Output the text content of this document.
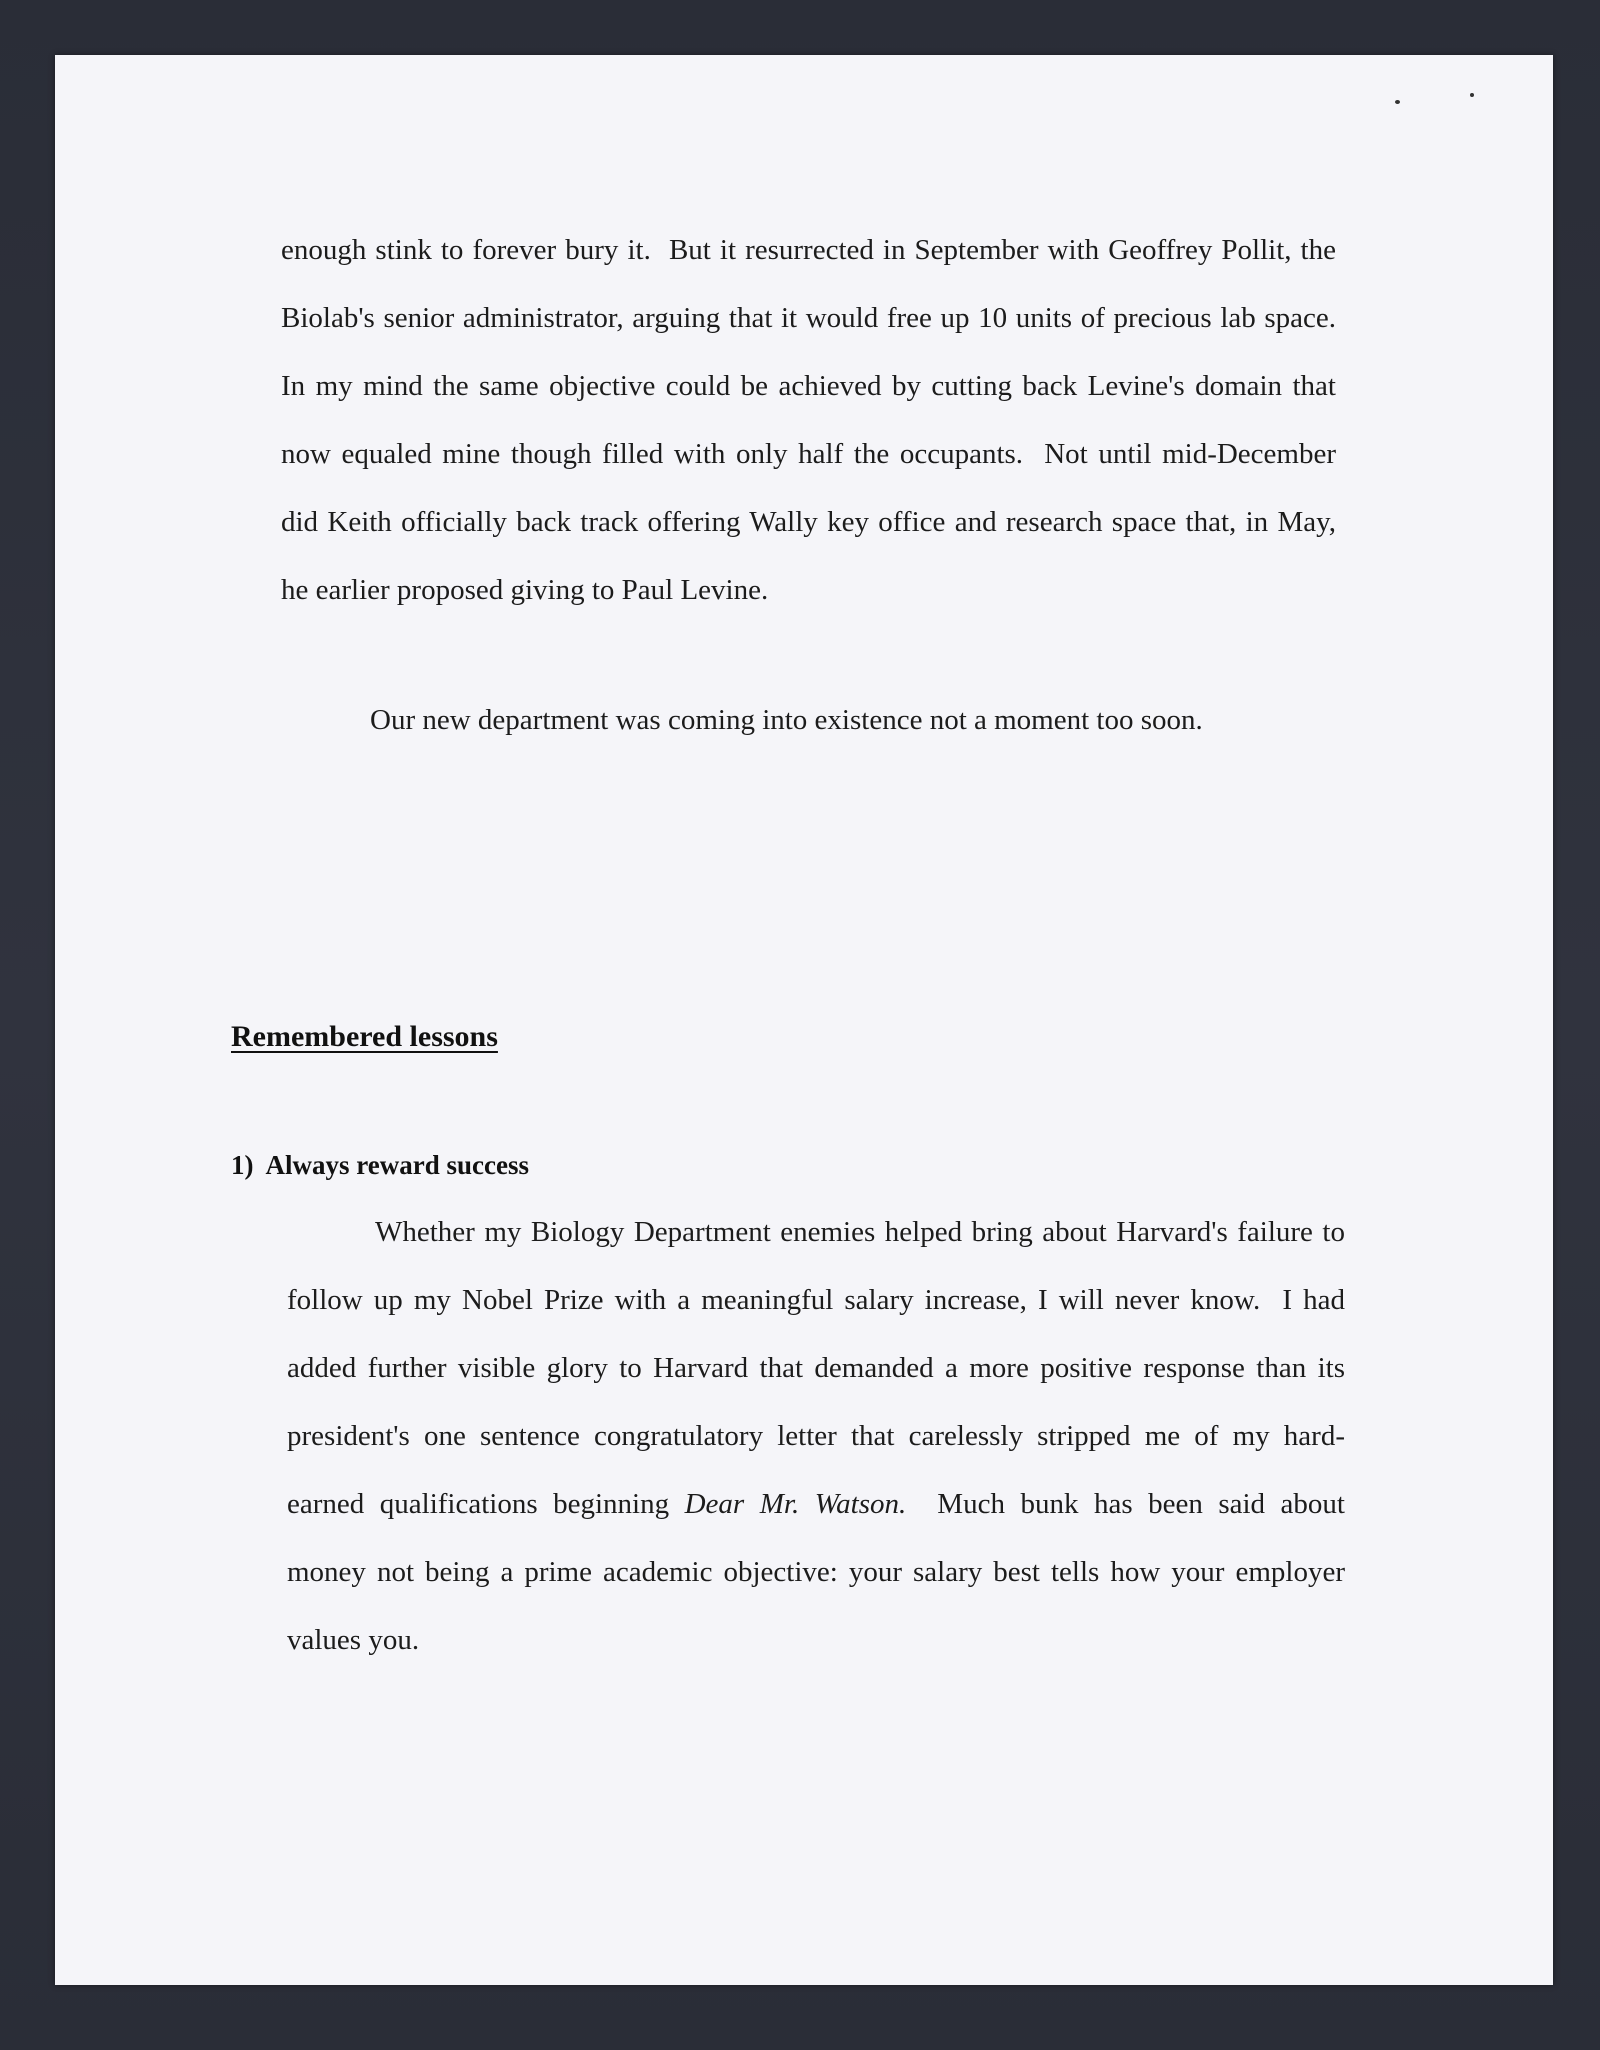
enough stink to forever bury it.  But it resurrected in September with Geoffrey Pollit, the
Biolab's senior administrator, arguing that it would free up 10 units of precious lab space.
In my mind the same objective could be achieved by cutting back Levine's domain that
now equaled mine though filled with only half the occupants.  Not until mid-December
did Keith officially back track offering Wally key office and research space that, in May,
he earlier proposed giving to Paul Levine.

Our new department was coming into existence not a moment too soon.

Remembered lessons
1) Always reward success
Whether my Biology Department enemies helped bring about Harvard's failure to
follow up my Nobel Prize with a meaningful salary increase, I will never know.  I had
added further visible glory to Harvard that demanded a more positive response than its
president's one sentence congratulatory letter that carelessly stripped me of my hard-
earned qualifications beginning Dear Mr. Watson.  Much bunk has been said about
money not being a prime academic objective: your salary best tells how your employer
values you.
